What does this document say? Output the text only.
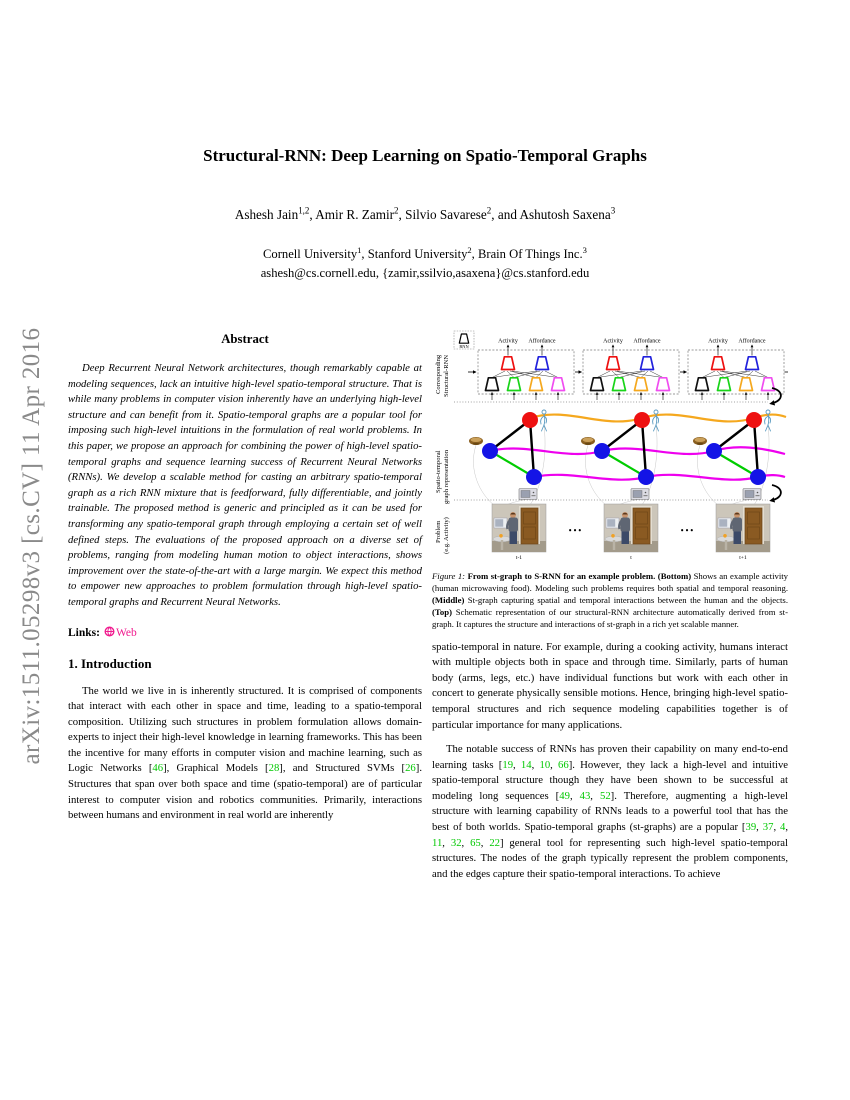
arXiv:1511.05298v3 [cs.CV] 11 Apr 2016
Structural-RNN: Deep Learning on Spatio-Temporal Graphs
Ashesh Jain$^{1,2}$, Amir R. Zamir$^2$, Silvio Savarese$^2$, and Ashutosh Saxena$^3$
Cornell University$^1$, Stanford University$^2$, Brain Of Things Inc.$^3$
ashesh@cs.cornell.edu, {zamir,ssilvio,asaxena}@cs.stanford.edu
Abstract
Deep Recurrent Neural Network architectures, though remarkably capable at modeling sequences, lack an intuitive high-level spatio-temporal structure. That is while many problems in computer vision inherently have an underlying high-level structure and can benefit from it. Spatio-temporal graphs are a popular tool for imposing such high-level intuitions in the formulation of real world problems. In this paper, we propose an approach for combining the power of high-level spatio-temporal graphs and sequence learning success of Recurrent Neural Networks (RNNs). We develop a scalable method for casting an arbitrary spatio-temporal graph as a rich RNN mixture that is feedforward, fully differentiable, and jointly trainable. The proposed method is generic and principled as it can be used for transforming any spatio-temporal graph through employing a certain set of well defined steps. The evaluations of the proposed approach on a diverse set of problems, ranging from modeling human motion to object interactions, shows improvement over the state-of-the-art with a large margin. We expect this method to empower new approaches to problem formulation through high-level spatio-temporal graphs and Recurrent Neural Networks.
Links: Web
1. Introduction
The world we live in is inherently structured. It is comprised of components that interact with each other in space and time, leading to a spatio-temporal composition. Utilizing such structures in problem formulation allows domain-experts to inject their high-level knowledge in learning frameworks. This has been the incentive for many efforts in computer vision and machine learning, such as Logic Networks [46], Graphical Models [28], and Structured SVMs [26]. Structures that span over both space and time (spatio-temporal) are of particular interest to computer vision and robotics communities. Primarily, interactions between humans and environment in real world are inherently
Activity	Affordance
Corresponding Structural-RNN
RNN
Spatio-temporal graph representation
Problem (e.g. Activity)	• • •	• • •
t-1	t	t+1
Figure 1: From st-graph to S-RNN for an example problem. (Bottom) Shows an example activity (human microwaving food). Modeling such problems requires both spatial and temporal reasoning. (Middle) St-graph capturing spatial and temporal interactions between the human and the objects. (Top) Schematic representation of our structural-RNN architecture automatically derived from st-graph. It captures the structure and interactions of st-graph in a rich yet scalable manner.
spatio-temporal in nature. For example, during a cooking activity, humans interact with multiple objects both in space and through time. Similarly, parts of human body (arms, legs, etc.) have individual functions but work with each other in concert to generate physically sensible motions. Hence, bringing high-level spatio-temporal structures and rich sequence modeling capabilities together is of particular importance for many applications.
The notable success of RNNs has proven their capability on many end-to-end learning tasks [19, 14, 10, 66]. However, they lack a high-level and intuitive spatio-temporal structure though they have been shown to be successful at modeling long sequences [49, 43, 52]. Therefore, augmenting a high-level structure with learning capability of RNNs leads to a powerful tool that has the best of both worlds. Spatio-temporal graphs (st-graphs) are a popular [39, 37, 4, 11, 32, 65, 22] general tool for representing such high-level spatio-temporal structures. The nodes of the graph typically represent the problem components, and the edges capture their spatio-temporal interactions. To achieve
